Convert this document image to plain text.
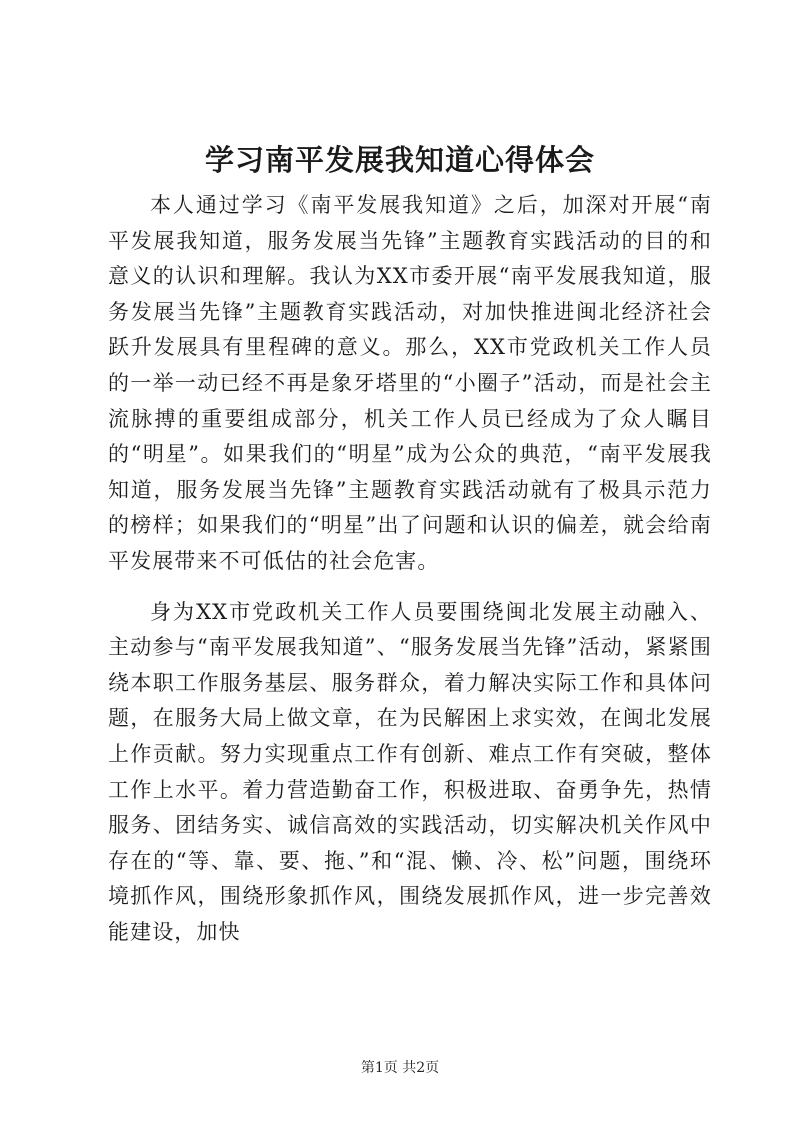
学习南平发展我知道心得体会

本人通过学习《南平发展我知道》之后，加深对开展“南平发展我知道，服务发展当先锋”主题教育实践活动的目的和意义的认识和理解。我认为XX市委开展“南平发展我知道，服务发展当先锋”主题教育实践活动，对加快推进闽北经济社会跃升发展具有里程碑的意义。那么，XX市党政机关工作人员的一举一动已经不再是象牙塔里的“小圈子”活动，而是社会主流脉搏的重要组成部分，机关工作人员已经成为了众人瞩目的“明星”。如果我们的“明星”成为公众的典范，“南平发展我知道，服务发展当先锋”主题教育实践活动就有了极具示范力的榜样；如果我们的“明星”出了问题和认识的偏差，就会给南平发展带来不可低估的社会危害。

身为XX市党政机关工作人员要围绕闽北发展主动融入、主动参与“南平发展我知道”、“服务发展当先锋”活动，紧紧围绕本职工作服务基层、服务群众，着力解决实际工作和具体问题，在服务大局上做文章，在为民解困上求实效，在闽北发展上作贡献。努力实现重点工作有创新、难点工作有突破，整体工作上水平。着力营造勤奋工作，积极进取、奋勇争先，热情服务、团结务实、诚信高效的实践活动，切实解决机关作风中存在的“等、靠、要、拖、”和“混、懒、冷、松”问题，围绕环境抓作风，围绕形象抓作风，围绕发展抓作风，进一步完善效能建设，加快

第1页 共2页
